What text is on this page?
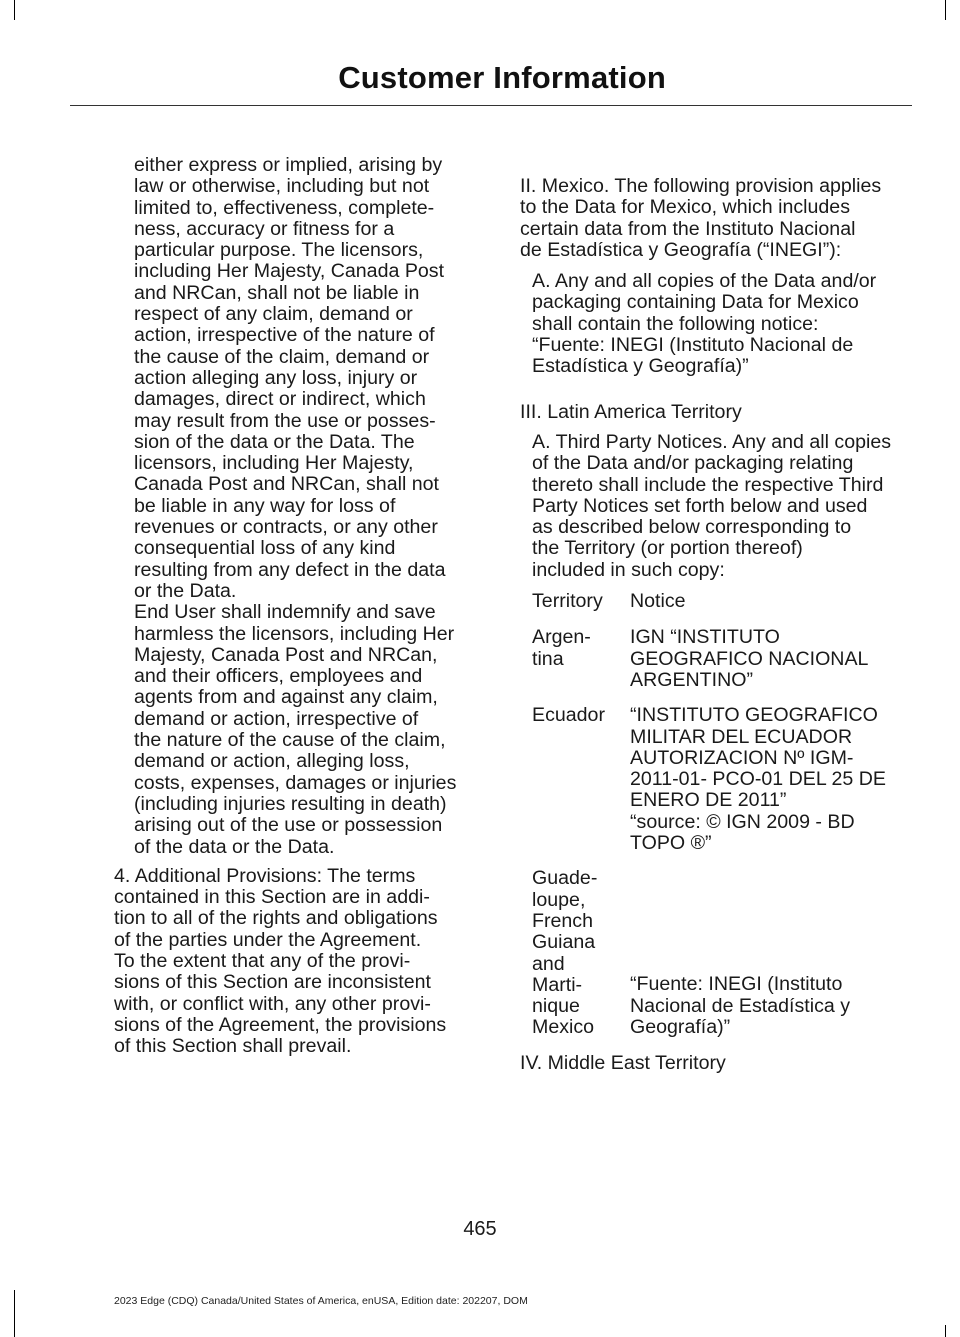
Customer Information

either express or implied, arising by

law or otherwise, including but not

limited to, effectiveness, complete-

ness, accuracy or fitness for a

particular purpose. The licensors,

including Her Majesty, Canada Post

and NRCan, shall not be liable in

respect of any claim, demand or

action, irrespective of the nature of

the cause of the claim, demand or

action alleging any loss, injury or

damages, direct or indirect, which

may result from the use or posses-

sion of the data or the Data. The

licensors, including Her Majesty,

Canada Post and NRCan, shall not

be liable in any way for loss of

revenues or contracts, or any other

consequential loss of any kind

resulting from any defect in the data

or the Data.

End User shall indemnify and save

harmless the licensors, including Her

Majesty, Canada Post and NRCan,

and their officers, employees and

agents from and against any claim,

demand or action, irrespective of

the nature of the cause of the claim,

demand or action, alleging loss,

costs, expenses, damages or injuries

(including injuries resulting in death)

arising out of the use or possession

of the data or the Data.

4. Additional Provisions: The terms

contained in this Section are in addi-

tion to all of the rights and obligations

of the parties under the Agreement.

To the extent that any of the provi-

sions of this Section are inconsistent

with, or conflict with, any other provi-

sions of the Agreement, the provisions

of this Section shall prevail.

II. Mexico. The following provision applies

to the Data for Mexico, which includes

certain data from the Instituto Nacional

de Estadística y Geografía (“INEGI”):

A. Any and all copies of the Data and/or

packaging containing Data for Mexico

shall contain the following notice:

“Fuente: INEGI (Instituto Nacional de

Estadística y Geografía)”

III. Latin America Territory

A. Third Party Notices. Any and all copies

of the Data and/or packaging relating

thereto shall include the respective Third

Party Notices set forth below and used

as described below corresponding to

the Territory (or portion thereof)

included in such copy:

Territory	Notice

Argen-

tina

IGN “INSTITUTO

GEOGRAFICO NACIONAL

ARGENTINO”

Ecuador	“INSTITUTO GEOGRAFICO

MILITAR DEL ECUADOR

AUTORIZACION Nº IGM-

2011-01- PCO-01 DEL 25 DE

ENERO DE 2011”

“source: © IGN 2009 - BD

TOPO ®”

Guade-

loupe,

French

Guiana

and

Marti-

nique

Mexico

“Fuente: INEGI (Instituto

Nacional de Estadística y

Geografía)”

IV. Middle East Territory

465
2023 Edge (CDQ) Canada/United States of America, enUSA, Edition date: 202207, DOM
